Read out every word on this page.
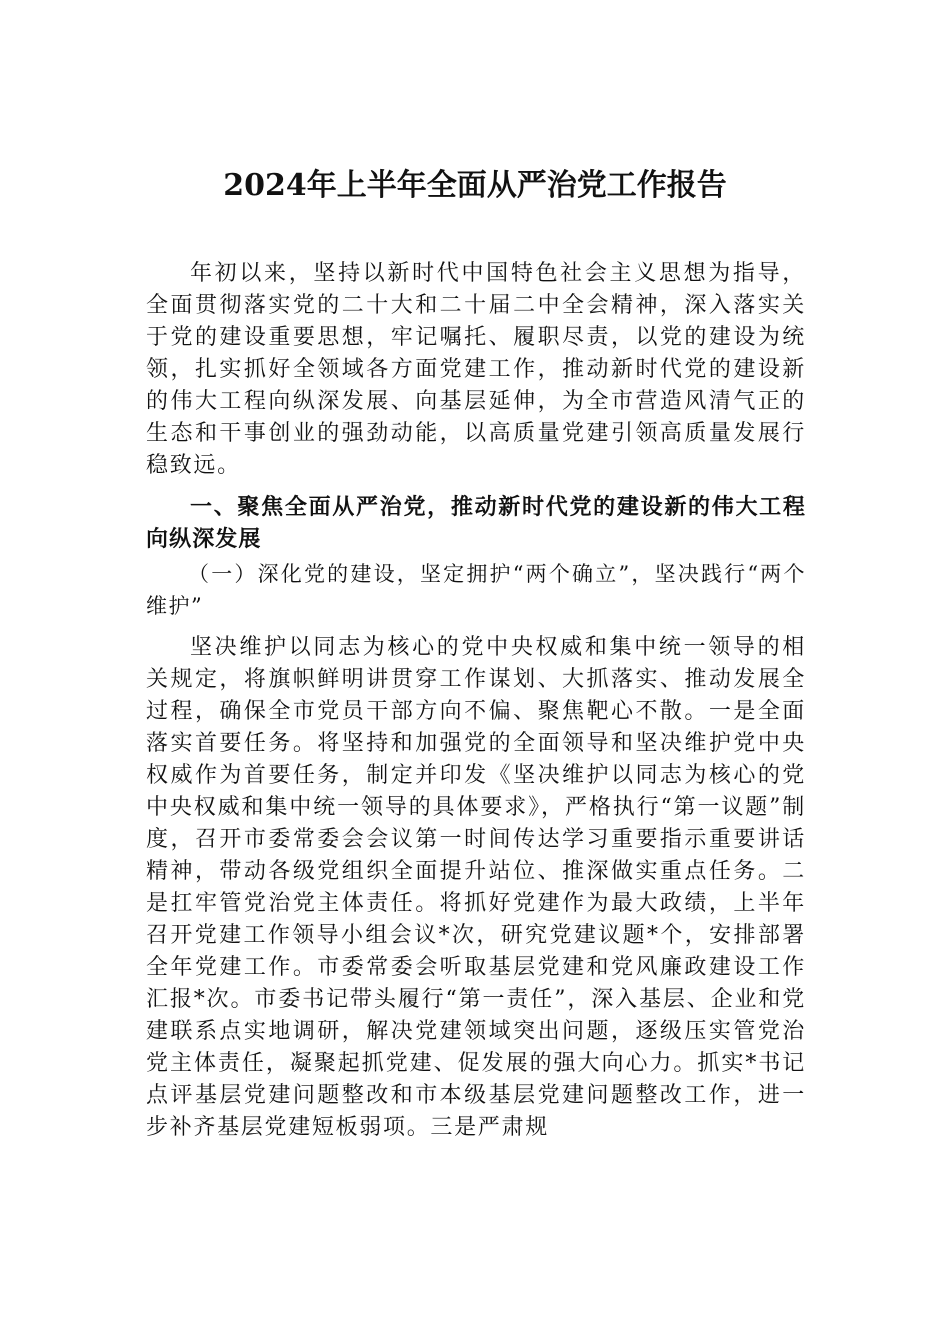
2024年上半年全面从严治党工作报告

年初以来，坚持以新时代中国特色社会主义思想为指导，全面贯彻落实党的二十大和二十届二中全会精神，深入落实关于党的建设重要思想，牢记嘱托、履职尽责，以党的建设为统领，扎实抓好全领域各方面党建工作，推动新时代党的建设新的伟大工程向纵深发展、向基层延伸，为全市营造风清气正的生态和干事创业的强劲动能，以高质量党建引领高质量发展行稳致远。

一、聚焦全面从严治党，推动新时代党的建设新的伟大工程向纵深发展

（一）深化党的建设，坚定拥护“两个确立”，坚决践行“两个维护”

坚决维护以同志为核心的党中央权威和集中统一领导的相关规定，将旗帜鲜明讲贯穿工作谋划、大抓落实、推动发展全过程，确保全市党员干部方向不偏、聚焦靶心不散。一是全面落实首要任务。将坚持和加强党的全面领导和坚决维护党中央权威作为首要任务，制定并印发《坚决维护以同志为核心的党中央权威和集中统一领导的具体要求》，严格执行“第一议题”制度，召开市委常委会会议第一时间传达学习重要指示重要讲话精神，带动各级党组织全面提升站位、推深做实重点任务。二是扛牢管党治党主体责任。将抓好党建作为最大政绩，上半年召开党建工作领导小组会议*次，研究党建议题*个，安排部署全年党建工作。市委常委会听取基层党建和党风廉政建设工作汇报*次。市委书记带头履行“第一责任”，深入基层、企业和党建联系点实地调研，解决党建领域突出问题，逐级压实管党治党主体责任，凝聚起抓党建、促发展的强大向心力。抓实*书记点评基层党建问题整改和市本级基层党建问题整改工作，进一步补齐基层党建短板弱项。三是严肃规
